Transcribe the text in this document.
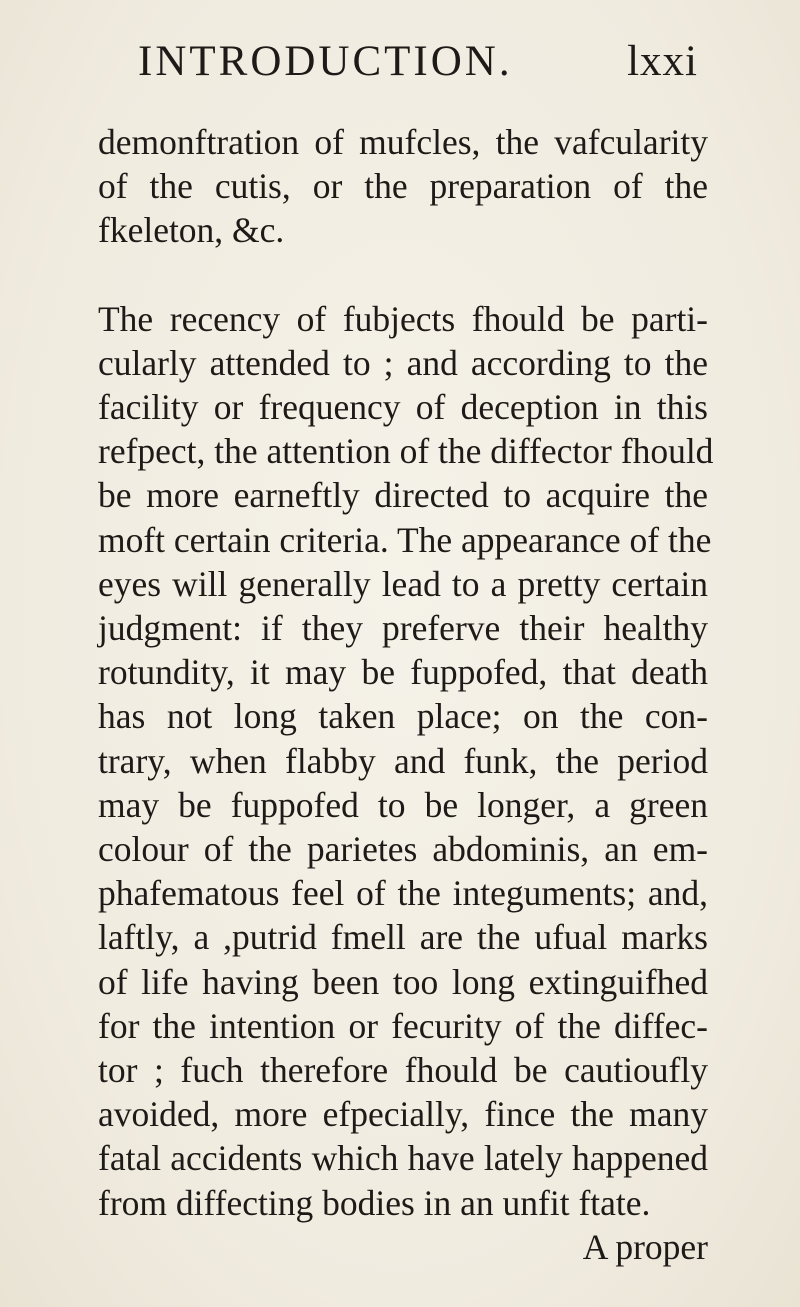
INTRODUCTION.	lxxi
demonftration of mufcles, the vafcularity
of the cutis, or the preparation of the
fkeleton, &c.
The recency of fubjects fhould be parti-
cularly attended to ; and according to the
facility or frequency of deception in this
refpect, the attention of the diffector fhould
be more earneftly directed to acquire the
moft certain criteria. The appearance of the
eyes will generally lead to a pretty certain
judgment: if they preferve their healthy
rotundity, it may be fuppofed, that death
has not long taken place; on the con-
trary, when flabby and funk, the period
may be fuppofed to be longer, a green
colour of the parietes abdominis, an em-
phafematous feel of the integuments; and,
laftly, a ,putrid fmell are the ufual marks
of life having been too long extinguifhed
for the intention or fecurity of the diffec-
tor ; fuch therefore fhould be cautioufly
avoided, more efpecially, fince the many
fatal accidents which have lately happened
from diffecting bodies in an unfit ftate.
A proper
